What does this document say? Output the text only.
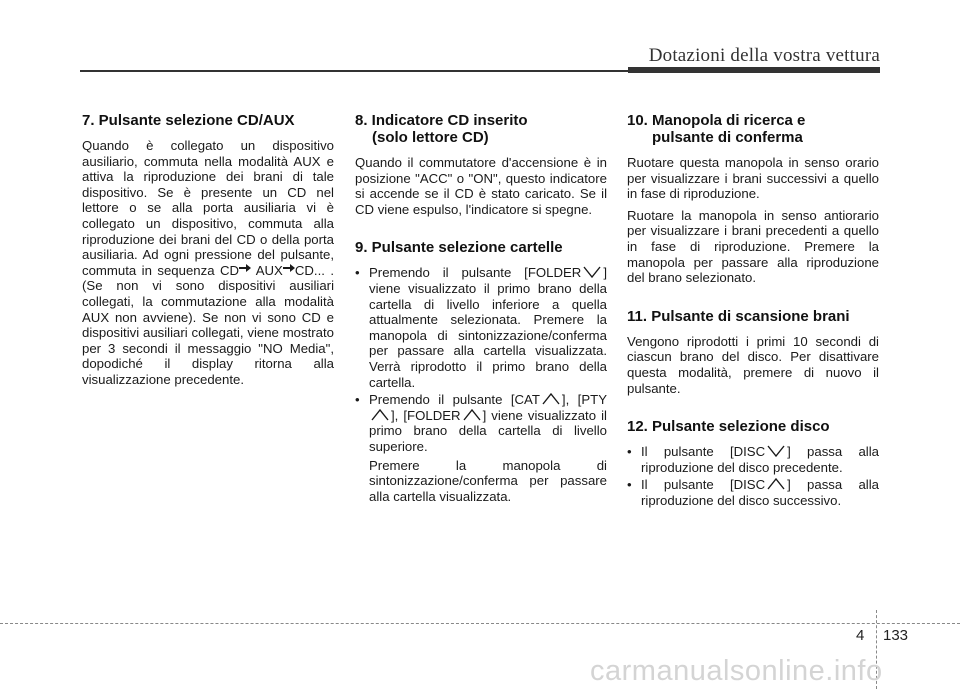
Dotazioni della vostra vettura
7. Pulsante selezione CD/AUX
Quando è collegato un dispositivo ausiliario, commuta nella modalità AUX e attiva la riproduzione dei brani di tale dispositivo. Se è presente un CD nel lettore o se alla porta ausiliaria vi è collegato un dispositivo, commuta alla riproduzione dei brani del CD o della porta ausiliaria. Ad ogni pressione del pulsante, commuta in sequenza CD AUX CD... . (Se non vi sono dispositivi ausiliari collegati, la commutazione alla modalità AUX non avviene). Se non vi sono CD e dispositivi ausiliari collegati, viene mostrato per 3 secondi il messaggio "NO Media", dopodiché il display ritorna alla visualizzazione precedente.
8. Indicatore CD inserito
(solo lettore CD)
Quando il commutatore d'accensione è in posizione "ACC" o "ON", questo indicatore si accende se il CD è stato caricato. Se il CD viene espulso, l'indicatore si spegne.
9. Pulsante selezione cartelle
• Premendo il pulsante [FOLDER ] viene visualizzato il primo brano della cartella di livello inferiore a quella attualmente selezionata. Premere la manopola di sintonizzazione/conferma per passare alla cartella visualizzata. Verrà riprodotto il primo brano della cartella.
• Premendo il pulsante [CAT ], [PTY
], [FOLDER ] viene visualizzato il primo brano della cartella di livello superiore.
Premere la manopola di sintonizzazione/conferma per passare alla cartella visualizzata.
10. Manopola di ricerca e
pulsante di conferma
Ruotare questa manopola in senso orario per visualizzare i brani successivi a quello in fase di riproduzione.
Ruotare la manopola in senso antiorario per visualizzare i brani precedenti a quello in fase di riproduzione. Premere la manopola per passare alla riproduzione del brano selezionato.
11. Pulsante di scansione brani
Vengono riprodotti i primi 10 secondi di ciascun brano del disco. Per disattivare questa modalità, premere di nuovo il pulsante.
12. Pulsante selezione disco
• Il pulsante [DISC ] passa alla riproduzione del disco precedente.
• Il pulsante [DISC ] passa alla riproduzione del disco successivo.
4 133
carmanualsonline.info
